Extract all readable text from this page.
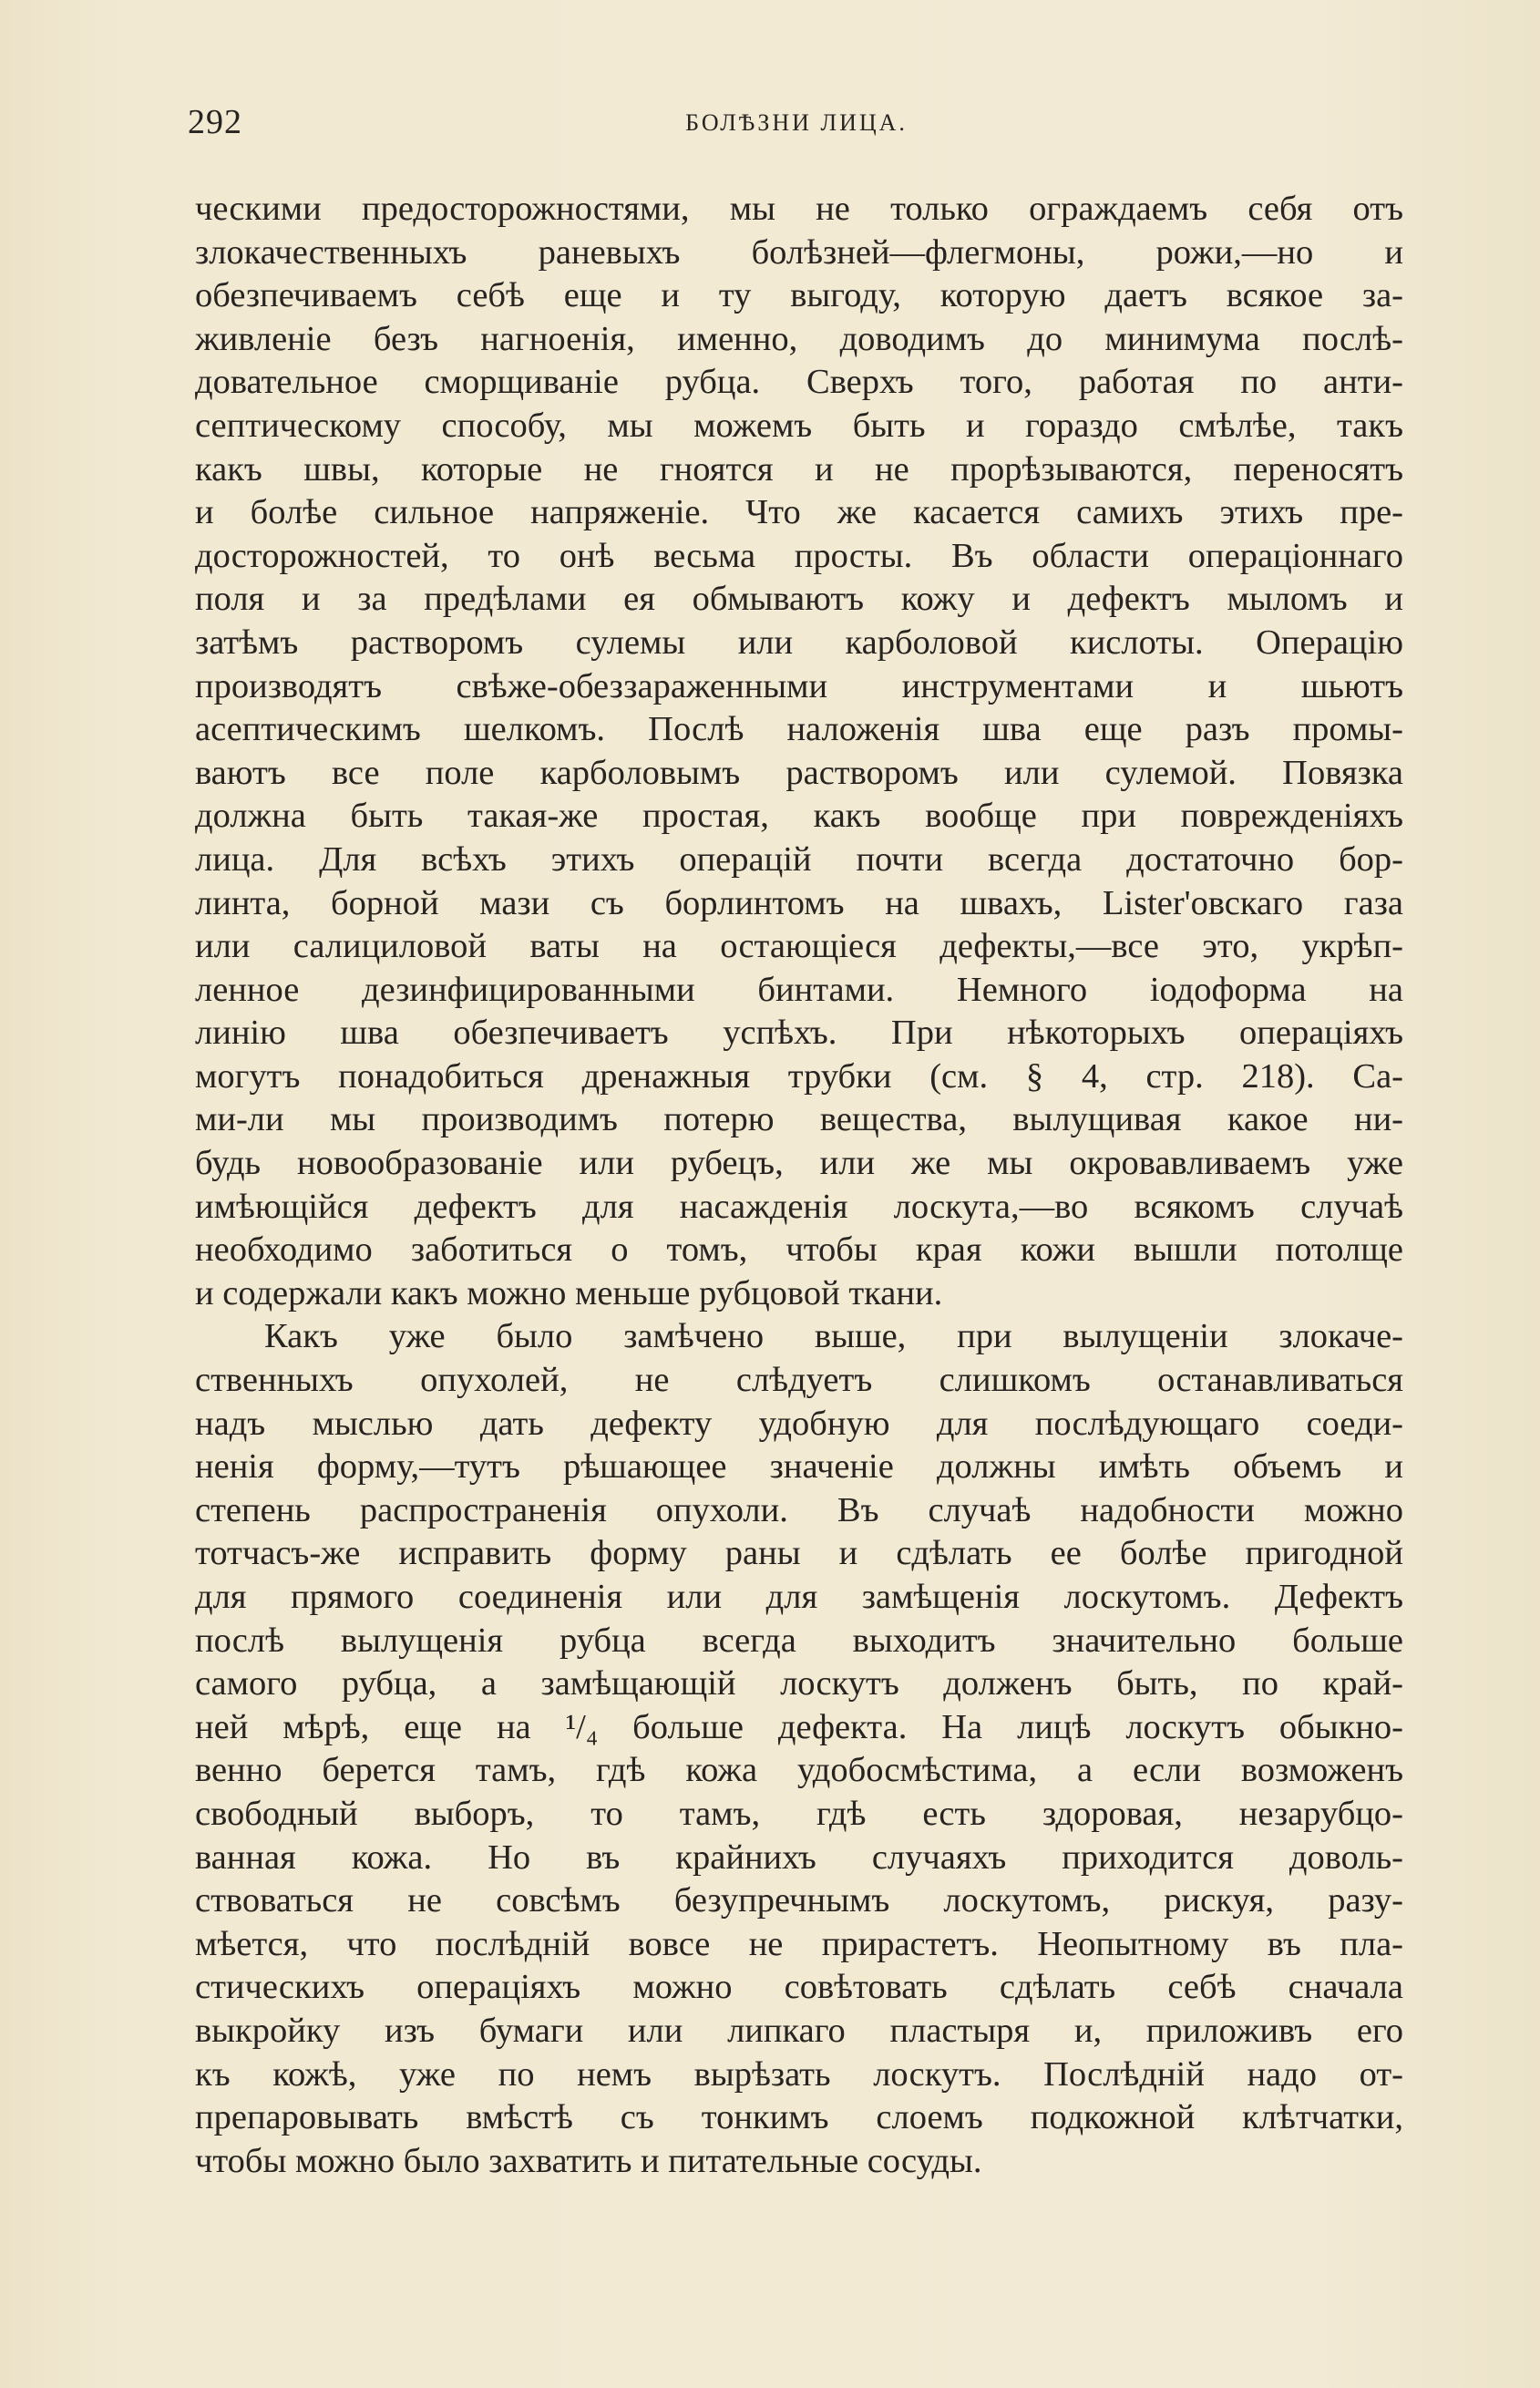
292	БОЛѢЗНИ ЛИЦА.
ческими предосторожностями, мы не только ограждаемъ себя отъ
злокачественныхъ раневыхъ болѣзней—флегмоны, рожи,—но и
обезпечиваемъ себѣ еще и ту выгоду, которую даетъ всякое за-
живленіе безъ нагноенія, именно, доводимъ до минимума послѣ-
довательное сморщиваніе рубца. Сверхъ того, работая по анти-
септическому способу, мы можемъ быть и гораздо смѣлѣе, такъ
какъ швы, которые не гноятся и не прорѣзываются, переносятъ
и болѣе сильное напряженіе. Что же касается самихъ этихъ пре-
досторожностей, то онѣ весьма просты. Въ области операціоннаго
поля и за предѣлами ея обмываютъ кожу и дефектъ мыломъ и
затѣмъ растворомъ сулемы или карболовой кислоты. Операцію
производятъ свѣже-обеззараженными инструментами и шьютъ
асептическимъ шелкомъ. Послѣ наложенія шва еще разъ промы-
ваютъ все поле карболовымъ растворомъ или сулемой. Повязка
должна быть такая-же простая, какъ вообще при поврежденіяхъ
лица. Для всѣхъ этихъ операцій почти всегда достаточно бор-
линта, борной мази съ борлинтомъ на швахъ, Lister'овскаго газа
или салициловой ваты на остающіеся дефекты,—все это, укрѣп-
ленное дезинфицированными бинтами. Немного іодоформа на
линію шва обезпечиваетъ успѣхъ. При нѣкоторыхъ операціяхъ
могутъ понадобиться дренажныя трубки (см. § 4, стр. 218). Са-
ми-ли мы производимъ потерю вещества, вылущивая какое ни-
будь новообразованіе или рубецъ, или же мы окровавливаемъ уже
имѣющійся дефектъ для насажденія лоскута,—во всякомъ случаѣ
необходимо заботиться о томъ, чтобы края кожи вышли потолще
и содержали какъ можно меньше рубцовой ткани.
Какъ уже было замѣчено выше, при вылущеніи злокаче-
ственныхъ опухолей, не слѣдуетъ слишкомъ останавливаться
надъ мыслью дать дефекту удобную для послѣдующаго соеди-
ненія форму,—тутъ рѣшающее значеніе должны имѣть объемъ и
степень распространенія опухоли. Въ случаѣ надобности можно
тотчасъ-же исправить форму раны и сдѣлать ее болѣе пригодной
для прямого соединенія или для замѣщенія лоскутомъ. Дефектъ
послѣ вылущенія рубца всегда выходитъ значительно больше
самого рубца, а замѣщающій лоскутъ долженъ быть, по край-
ней мѣрѣ, еще на ¹/₄ больше дефекта. На лицѣ лоскутъ обыкно-
венно берется тамъ, гдѣ кожа удобосмѣстима, а если возможенъ
свободный выборъ, то тамъ, гдѣ есть здоровая, незарубцо-
ванная кожа. Но въ крайнихъ случаяхъ приходится доволь-
ствоваться не совсѣмъ безупречнымъ лоскутомъ, рискуя, разу-
мѣется, что послѣдній вовсе не прирастетъ. Неопытному въ пла-
стическихъ операціяхъ можно совѣтовать сдѣлать себѣ сначала
выкройку изъ бумаги или липкаго пластыря и, приложивъ его
къ кожѣ, уже по немъ вырѣзать лоскутъ. Послѣдній надо от-
препаровывать вмѣстѣ съ тонкимъ слоемъ подкожной клѣтчатки,
чтобы можно было захватить и питательные сосуды.
